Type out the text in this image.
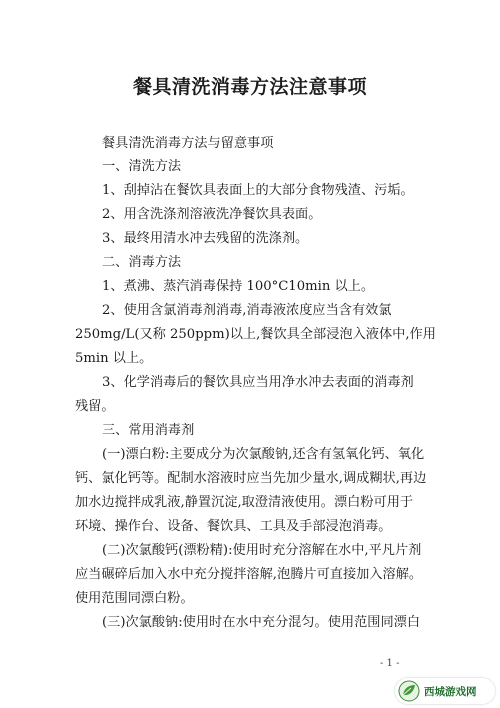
餐具清洗消毒方法注意事项
餐具清洗消毒方法与留意事项
一、清洗方法
1、刮掉沾在餐饮具表面上的大部分食物残渣、污垢。
2、用含洗涤剂溶液洗净餐饮具表面。
3、最终用清水冲去残留的洗涤剂。
二、消毒方法
1、煮沸、蒸汽消毒保持 100°C10min 以上。
2、使用含氯消毒剂消毒,消毒液浓度应当含有效氯
250mg/L(又称 250ppm)以上,餐饮具全部浸泡入液体中,作用
5min 以上。
3、化学消毒后的餐饮具应当用净水冲去表面的消毒剂
残留。
三、常用消毒剂
(一)漂白粉:主要成分为次氯酸钠,还含有氢氧化钙、氧化
钙、氯化钙等。配制水溶液时应当先加少量水,调成糊状,再边
加水边搅拌成乳液,静置沉淀,取澄清液使用。漂白粉可用于
环境、操作台、设备、餐饮具、工具及手部浸泡消毒。
(二)次氯酸钙(漂粉精):使用时充分溶解在水中,平凡片剂
应当碾碎后加入水中充分搅拌溶解,泡腾片可直接加入溶解。
使用范围同漂白粉。
(三)次氯酸钠:使用时在水中充分混匀。使用范围同漂白
- 1 -
西城游戏网
